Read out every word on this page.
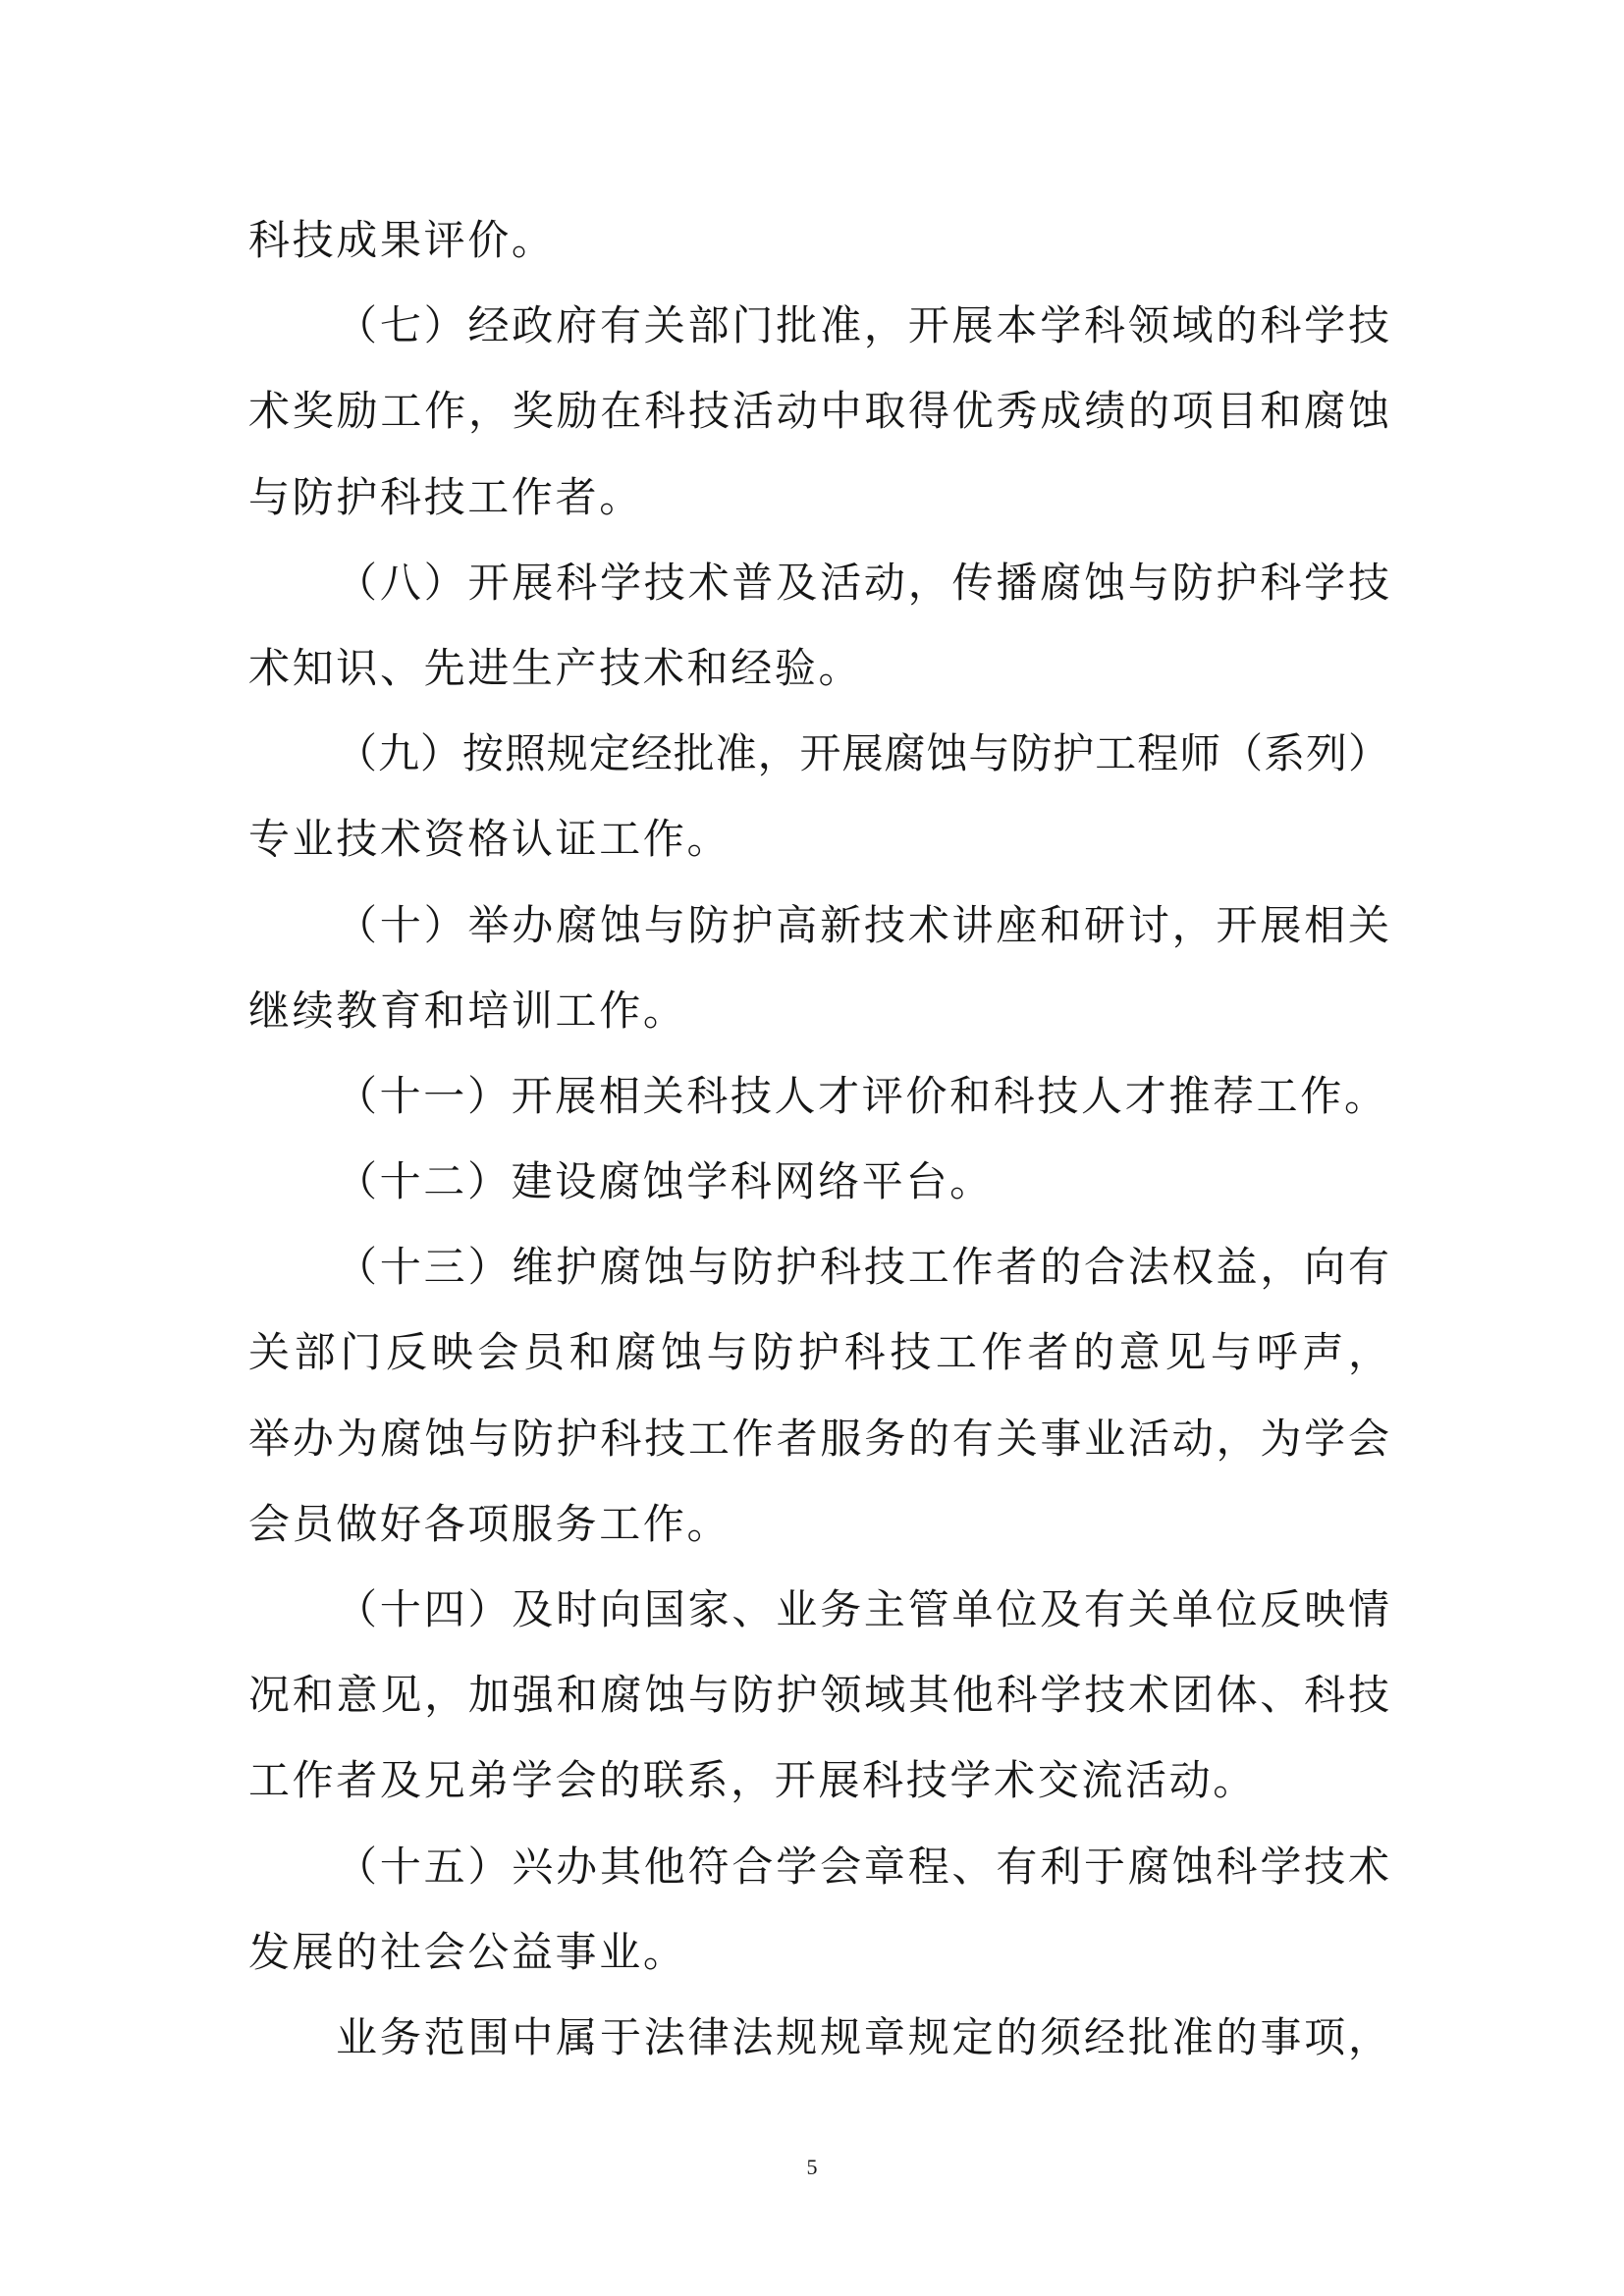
科技成果评价。
（七）经政府有关部门批准，开展本学科领域的科学技
术奖励工作，奖励在科技活动中取得优秀成绩的项目和腐蚀
与防护科技工作者。
（八）开展科学技术普及活动，传播腐蚀与防护科学技
术知识、先进生产技术和经验。
（九）按照规定经批准，开展腐蚀与防护工程师（系列）
专业技术资格认证工作。
（十）举办腐蚀与防护高新技术讲座和研讨，开展相关
继续教育和培训工作。
（十一）开展相关科技人才评价和科技人才推荐工作。
（十二）建设腐蚀学科网络平台。
（十三）维护腐蚀与防护科技工作者的合法权益，向有
关部门反映会员和腐蚀与防护科技工作者的意见与呼声，
举办为腐蚀与防护科技工作者服务的有关事业活动，为学会
会员做好各项服务工作。
（十四）及时向国家、业务主管单位及有关单位反映情
况和意见，加强和腐蚀与防护领域其他科学技术团体、科技
工作者及兄弟学会的联系，开展科技学术交流活动。
（十五）兴办其他符合学会章程、有利于腐蚀科学技术
发展的社会公益事业。
业务范围中属于法律法规规章规定的须经批准的事项，
5
